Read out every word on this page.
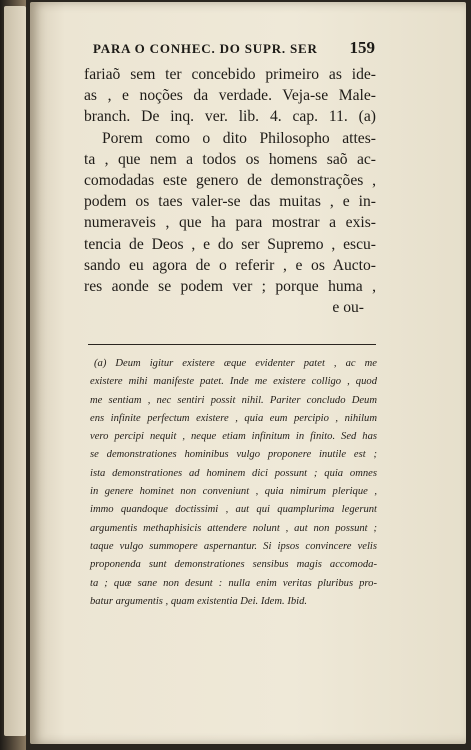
PARA O CONHEC. DO SUPR. SER 159
fariaõ sem ter concebido primeiro as ide-
as , e noções da verdade. Veja-se Male-
branch. De inq. ver. lib. 4. cap. 11. (a)
Porem como o dito Philosopho attes-
ta , que nem a todos os homens saõ ac-
comodadas este genero de demonstrações ,
podem os taes valer-se das muitas , e in-
numeraveis , que ha para mostrar a exis-
tencia de Deos , e do ser Supremo , escu-
sando eu agora de o referir , e os Auctо-
res aonde se podem ver ; porque huma ,
e ou-
(a) Deum igitur existere æque evidenter patet , ac me
existere mihi manifeste patet. Inde me existere colligo , quod
me sentiam , nec sentiri possit nihil. Pariter concludo Deum
ens infinite perfectum existere , quia eum percipio , nihilum
vero percipi nequit , neque etiam infinitum in finito. Sed has
se demonstrationes hominibus vulgo proponere inutile est ;
ista demonstrationes ad hominem dici possunt ; quia omnes
in genere hominet non conveniunt , quia nimirum plerique ,
immo quandoque doctissimi , aut qui quamplurima legerunt
argumentis methaphisicis attendere nolunt , aut non possunt ;
taque vulgo summopere aspernantur. Si ipsos convincere velis
proponenda sunt demonstrationes sensibus magis accomoda-
ta ; quæ sane non desunt : nulla enim veritas pluribus pro-
batur argumentis , quam existentia Dei. Idem. Ibid.
